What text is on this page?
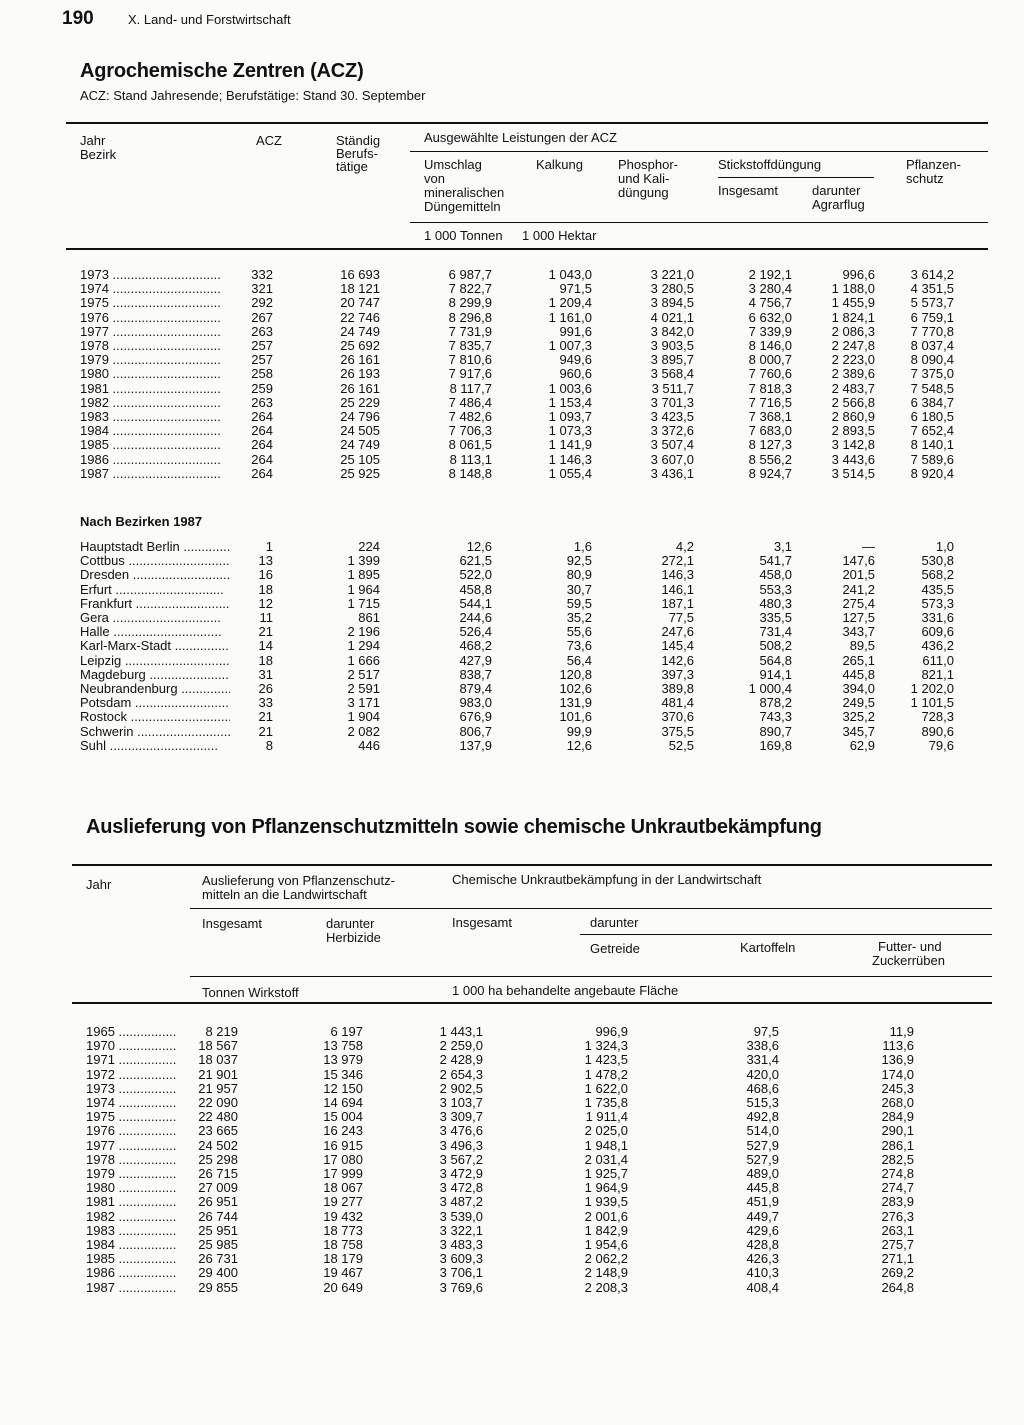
190	X. Land- und Forstwirtschaft
Agrochemische Zentren (ACZ)
ACZ: Stand Jahresende; Berufstätige: Stand 30. September
Jahr
Bezirk
ACZ	Ständig
Berufs-
tätige
Ausgewählte Leistungen der ACZ
Umschlag
von
mineralischen
Düngemitteln
Kalkung	Phosphor-
und Kali-
düngung
Stickstoffdüngung
Insgesamt	darunter
Agrarflug
Pflanzen-
schutz
1 000 Tonnen 1 000 Hektar
1973 .....	332	16 693	6 987,7	1 043,0	3 221,0	2 192,1	996,6	3 614,2
1974 .....	321	18 121	7 822,7	971,5	3 280,5	3 280,4	1 188,0	4 351,5
1975 .....	292	20 747	8 299,9	1 209,4	3 894,5	4 756,7	1 455,9	5 573,7
1976 .....	267	22 746	8 296,8	1 161,0	4 021,1	6 632,0	1 824,1	6 759,1
1977 .....	263	24 749	7 731,9	991,6	3 842,0	7 339,9	2 086,3	7 770,8
1978 .....	257	25 692	7 835,7	1 007,3	3 903,5	8 146,0	2 247,8	8 037,4
1979 .....	257	26 161	7 810,6	949,6	3 895,7	8 000,7	2 223,0	8 090,4
1980 .....	258	26 193	7 917,6	960,6	3 568,4	7 760,6	2 389,6	7 375,0
1981 .....	259	26 161	8 117,7	1 003,6	3 511,7	7 818,3	2 483,7	7 548,5
1982 .....	263	25 229	7 486,4	1 153,4	3 701,3	7 716,5	2 566,8	6 384,7
1983 .....	264	24 796	7 482,6	1 093,7	3 423,5	7 368,1	2 860,9	6 180,5
1984 .....	264	24 505	7 706,3	1 073,3	3 372,6	7 683,0	2 893,5	7 652,4
1985 .....	264	24 749	8 061,5	1 141,9	3 507,4	8 127,3	3 142,8	8 140,1
1986 .....	264	25 105	8 113,1	1 146,3	3 607,0	8 556,2	3 443,6	7 589,6
1987 .....	264	25 925	8 148,8	1 055,4	3 436,1	8 924,7	3 514,5	8 920,4
Nach Bezirken 1987
Hauptstadt Berlin .....	1	224	12,6	1,6	4,2	3,1	—	1,0
Cottbus .....	13	1 399	621,5	92,5	272,1	541,7	147,6	530,8
Dresden .....	16	1 895	522,0	80,9	146,3	458,0	201,5	568,2
Erfurt .....	18	1 964	458,8	30,7	146,1	553,3	241,2	435,5
Frankfurt .....	12	1 715	544,1	59,5	187,1	480,3	275,4	573,3
Gera .....	11	861	244,6	35,2	77,5	335,5	127,5	331,6
Halle .....	21	2 196	526,4	55,6	247,6	731,4	343,7	609,6
Karl-Marx-Stadt .....	14	1 294	468,2	73,6	145,4	508,2	89,5	436,2
Leipzig .....	18	1 666	427,9	56,4	142,6	564,8	265,1	611,0
Magdeburg .....	31	2 517	838,7	120,8	397,3	914,1	445,8	821,1
Neubrandenburg .....	26	2 591	879,4	102,6	389,8	1 000,4	394,0	1 202,0
Potsdam .....	33	3 171	983,0	131,9	481,4	878,2	249,5	1 101,5
Rostock .....	21	1 904	676,9	101,6	370,6	743,3	325,2	728,3
Schwerin .....	21	2 082	806,7	99,9	375,5	890,7	345,7	890,6
Suhl .....	8	446	137,9	12,6	52,5	169,8	62,9	79,6
Auslieferung von Pflanzenschutzmitteln sowie chemische Unkrautbekämpfung
Jahr	Auslieferung von Pflanzenschutz-
mitteln an die Landwirtschaft
Chemische Unkrautbekämpfung in der Landwirtschaft
Insgesamt	darunter
Herbizide
Insgesamt	darunter
Getreide	Kartoffeln	Futter- und
Zuckerrüben
Tonnen Wirkstoff	1 000 ha behandelte angebaute Fläche
1965 .....	8 219	6 197	1 443,1	996,9	97,5	11,9
1970 .....	18 567	13 758	2 259,0	1 324,3	338,6	113,6
1971 .....	18 037	13 979	2 428,9	1 423,5	331,4	136,9
1972 .....	21 901	15 346	2 654,3	1 478,2	420,0	174,0
1973 .....	21 957	12 150	2 902,5	1 622,0	468,6	245,3
1974 .....	22 090	14 694	3 103,7	1 735,8	515,3	268,0
1975 .....	22 480	15 004	3 309,7	1 911,4	492,8	284,9
1976 .....	23 665	16 243	3 476,6	2 025,0	514,0	290,1
1977 .....	24 502	16 915	3 496,3	1 948,1	527,9	286,1
1978 .....	25 298	17 080	3 567,2	2 031,4	527,9	282,5
1979 .....	26 715	17 999	3 472,9	1 925,7	489,0	274,8
1980 .....	27 009	18 067	3 472,8	1 964,9	445,8	274,7
1981 .....	26 951	19 277	3 487,2	1 939,5	451,9	283,9
1982 .....	26 744	19 432	3 539,0	2 001,6	449,7	276,3
1983 .....	25 951	18 773	3 322,1	1 842,9	429,6	263,1
1984 .....	25 985	18 758	3 483,3	1 954,6	428,8	275,7
1985 .....	26 731	18 179	3 609,3	2 062,2	426,3	271,1
1986 .....	29 400	19 467	3 706,1	2 148,9	410,3	269,2
1987 .....	29 855	20 649	3 769,6	2 208,3	408,4	264,8
